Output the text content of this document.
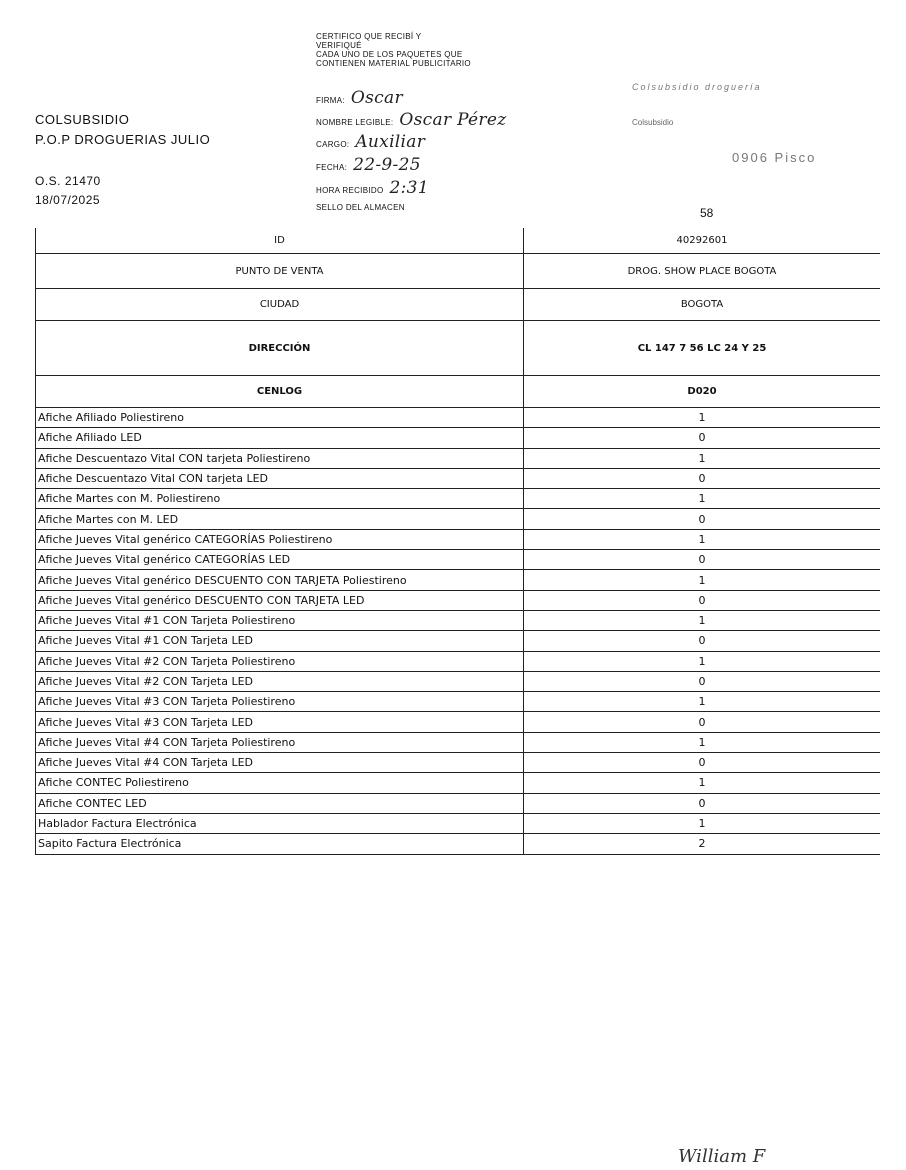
COLSUBSIDIO
P.O.P DROGUERIAS JULIO
O.S. 21470
18/07/2025
CERTIFICO QUE RECIBÍ Y
VERIFIQUÉ
CADA UNO DE LOS PAQUETES QUE
CONTIENEN MATERIAL PUBLICITARIO
FIRMA: Oscar
NOMBRE LEGIBLE: Oscar Pérez
CARGO: Auxiliar
FECHA: 22-9-25
HORA RECIBIDO 2:31
SELLO DEL ALMACEN
Colsubsidio droguería
Colsubsidio
0906 Pisco
58
ID	40292601
PUNTO DE VENTA	DROG. SHOW PLACE BOGOTA
CIUDAD	BOGOTA
DIRECCIÓN	CL 147 7 56 LC 24 Y 25
CENLOG	D020
Afiche Afiliado Poliestireno	1
Afiche Afiliado LED	0
Afiche Descuentazo Vital CON tarjeta Poliestireno	1
Afiche Descuentazo Vital CON tarjeta LED	0
Afiche Martes con M. Poliestireno	1
Afiche Martes con M. LED	0
Afiche Jueves Vital genérico CATEGORÍAS Poliestireno	1
Afiche Jueves Vital genérico CATEGORÍAS LED	0
Afiche Jueves Vital genérico DESCUENTO CON TARJETA Poliestireno	1
Afiche Jueves Vital genérico DESCUENTO CON TARJETA LED	0
Afiche Jueves Vital #1 CON Tarjeta Poliestireno	1
Afiche Jueves Vital #1 CON Tarjeta LED	0
Afiche Jueves Vital #2 CON Tarjeta Poliestireno	1
Afiche Jueves Vital #2 CON Tarjeta LED	0
Afiche Jueves Vital #3 CON Tarjeta Poliestireno	1
Afiche Jueves Vital #3 CON Tarjeta LED	0
Afiche Jueves Vital #4 CON Tarjeta Poliestireno	1
Afiche Jueves Vital #4 CON Tarjeta LED	0
Afiche CONTEC Poliestireno	1
Afiche CONTEC LED	0
Hablador Factura Electrónica	1
Sapito Factura Electrónica	2
William F
